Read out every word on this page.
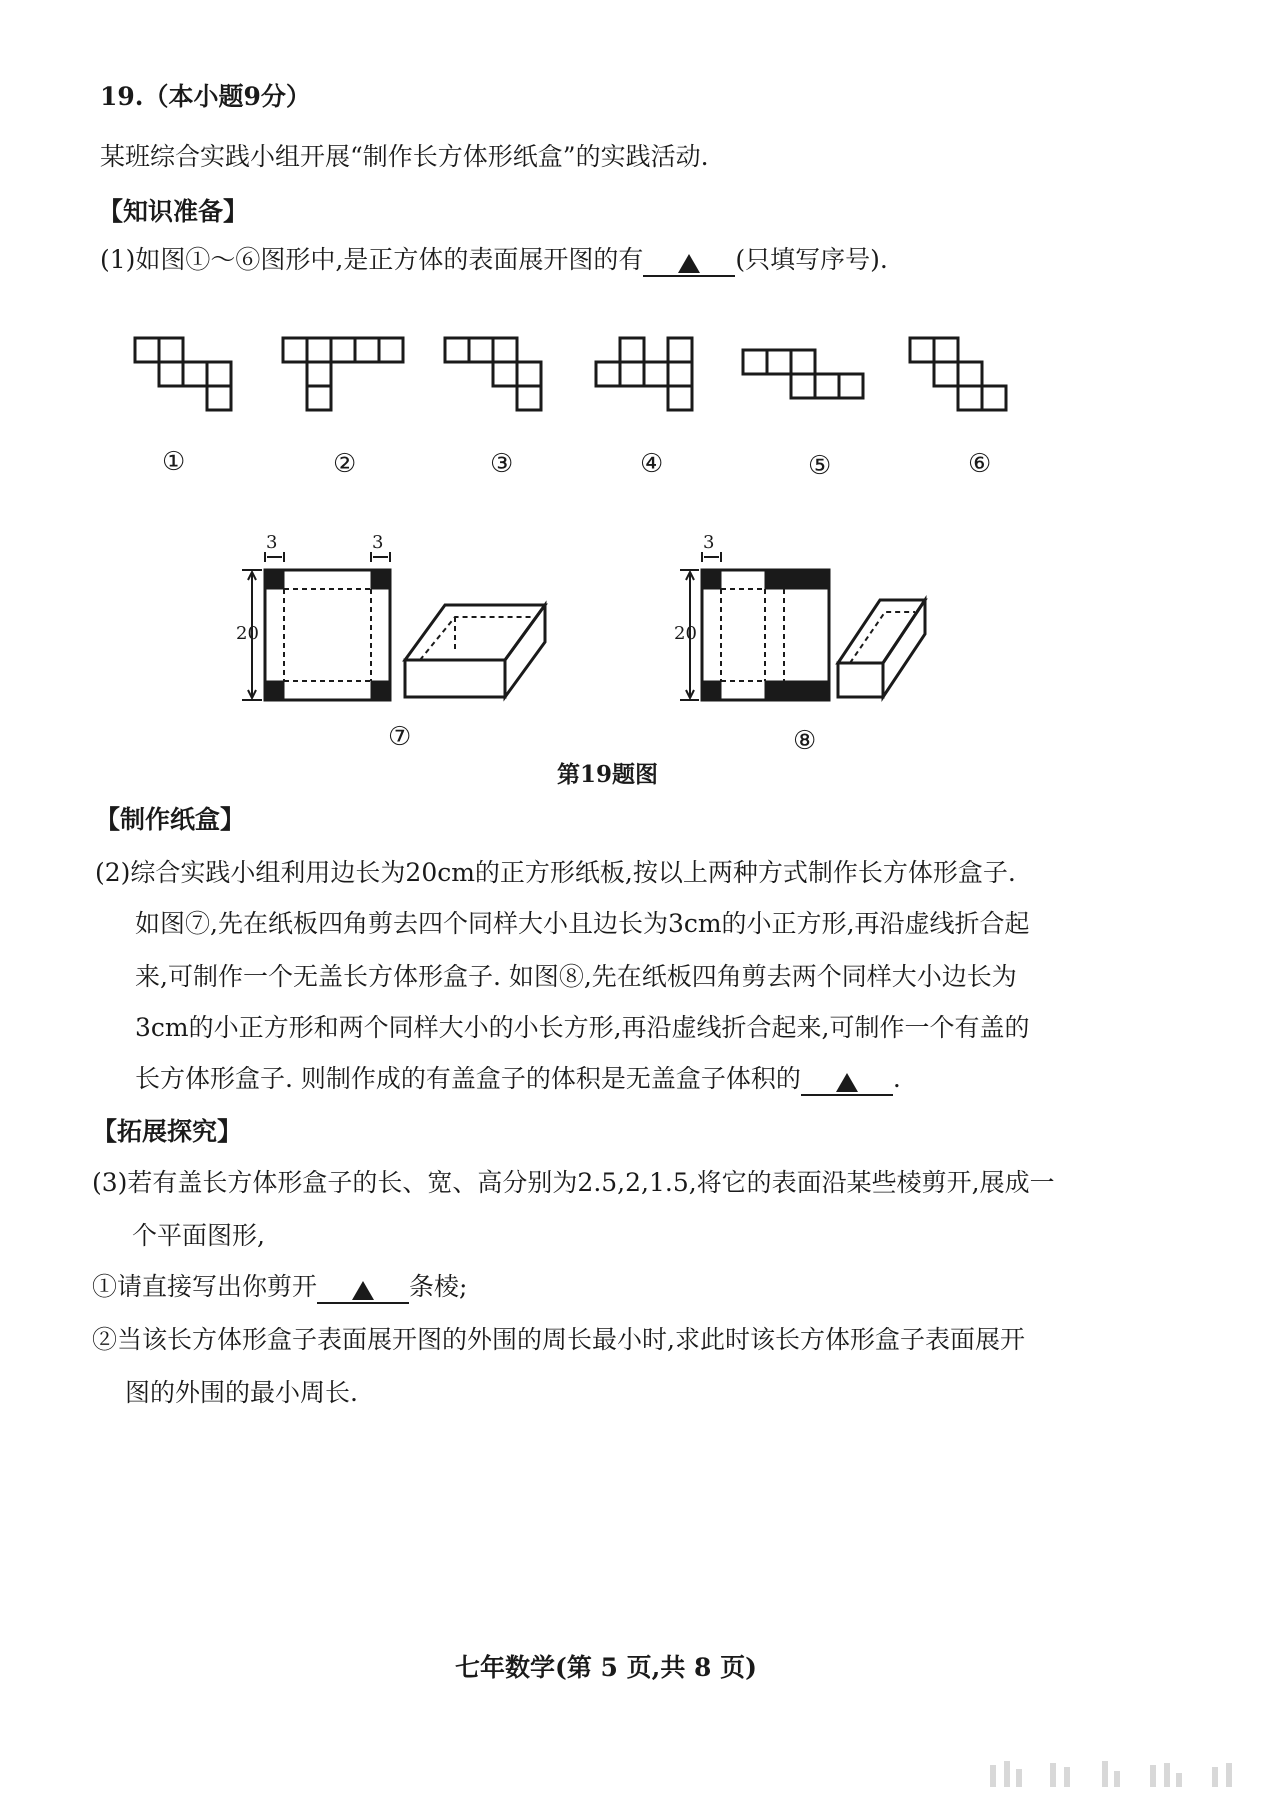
19.（本小题9分）
某班综合实践小组开展“制作长方体形纸盒”的实践活动.
【知识准备】
(1)如图①～⑥图形中,是正方体的表面展开图的有	(只填写序号).
①	②	③	④	⑤	⑥
3	3
20
3
20
⑦	⑧
第19题图
【制作纸盒】
(2)综合实践小组利用边长为20cm的正方形纸板,按以上两种方式制作长方体形盒子.
如图⑦,先在纸板四角剪去四个同样大小且边长为3cm的小正方形,再沿虚线折合起
来,可制作一个无盖长方体形盒子. 如图⑧,先在纸板四角剪去两个同样大小边长为
3cm的小正方形和两个同样大小的小长方形,再沿虚线折合起来,可制作一个有盖的
长方体形盒子. 则制作成的有盖盒子的体积是无盖盒子体积的	.
【拓展探究】
(3)若有盖长方体形盒子的长、宽、高分别为2.5,2,1.5,将它的表面沿某些棱剪开,展成一
个平面图形,
①请直接写出你剪开	条棱;
②当该长方体形盒子表面展开图的外围的周长最小时,求此时该长方体形盒子表面展开
图的外围的最小周长.
七年数学(第 5 页,共 8 页)
